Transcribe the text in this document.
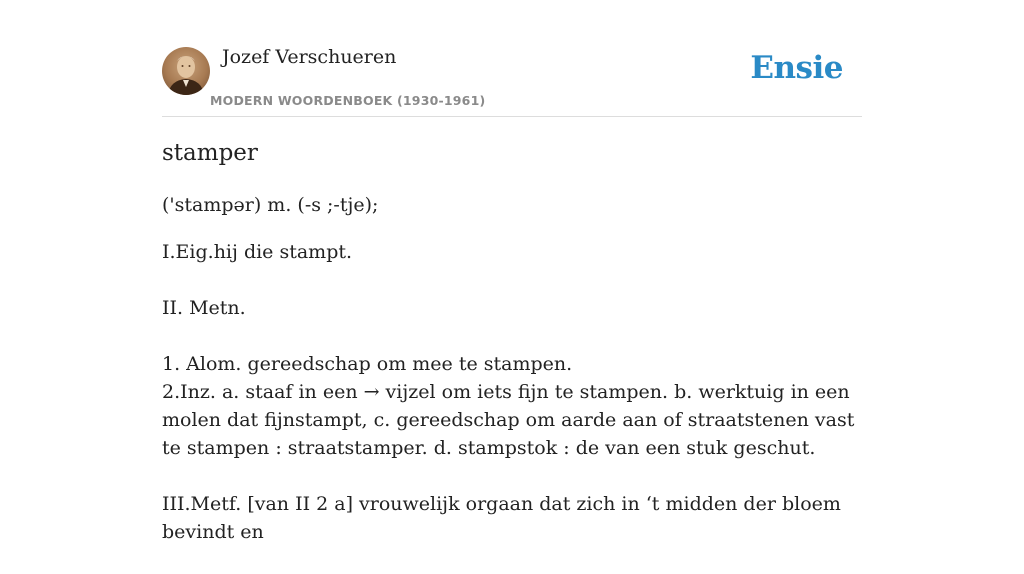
Jozef Verschueren
MODERN WOORDENBOEK (1930-1961)
Ensie
stamper
('stampər) m. (-s ;-tje);

I.Eig.hij die stampt.

II. Metn.

1. Alom. gereedschap om mee te stampen.

2.Inz. a. staaf in een → vijzel om iets fijn te stampen. b. werktuig in een molen dat fijnstampt, c. gereedschap om aarde aan of straatstenen vast te stampen : straatstamper. d. stampstok : de van een stuk geschut.

III.Metf. [van II 2 a] vrouwelijk orgaan dat zich in ‘t midden der bloem bevindt en
